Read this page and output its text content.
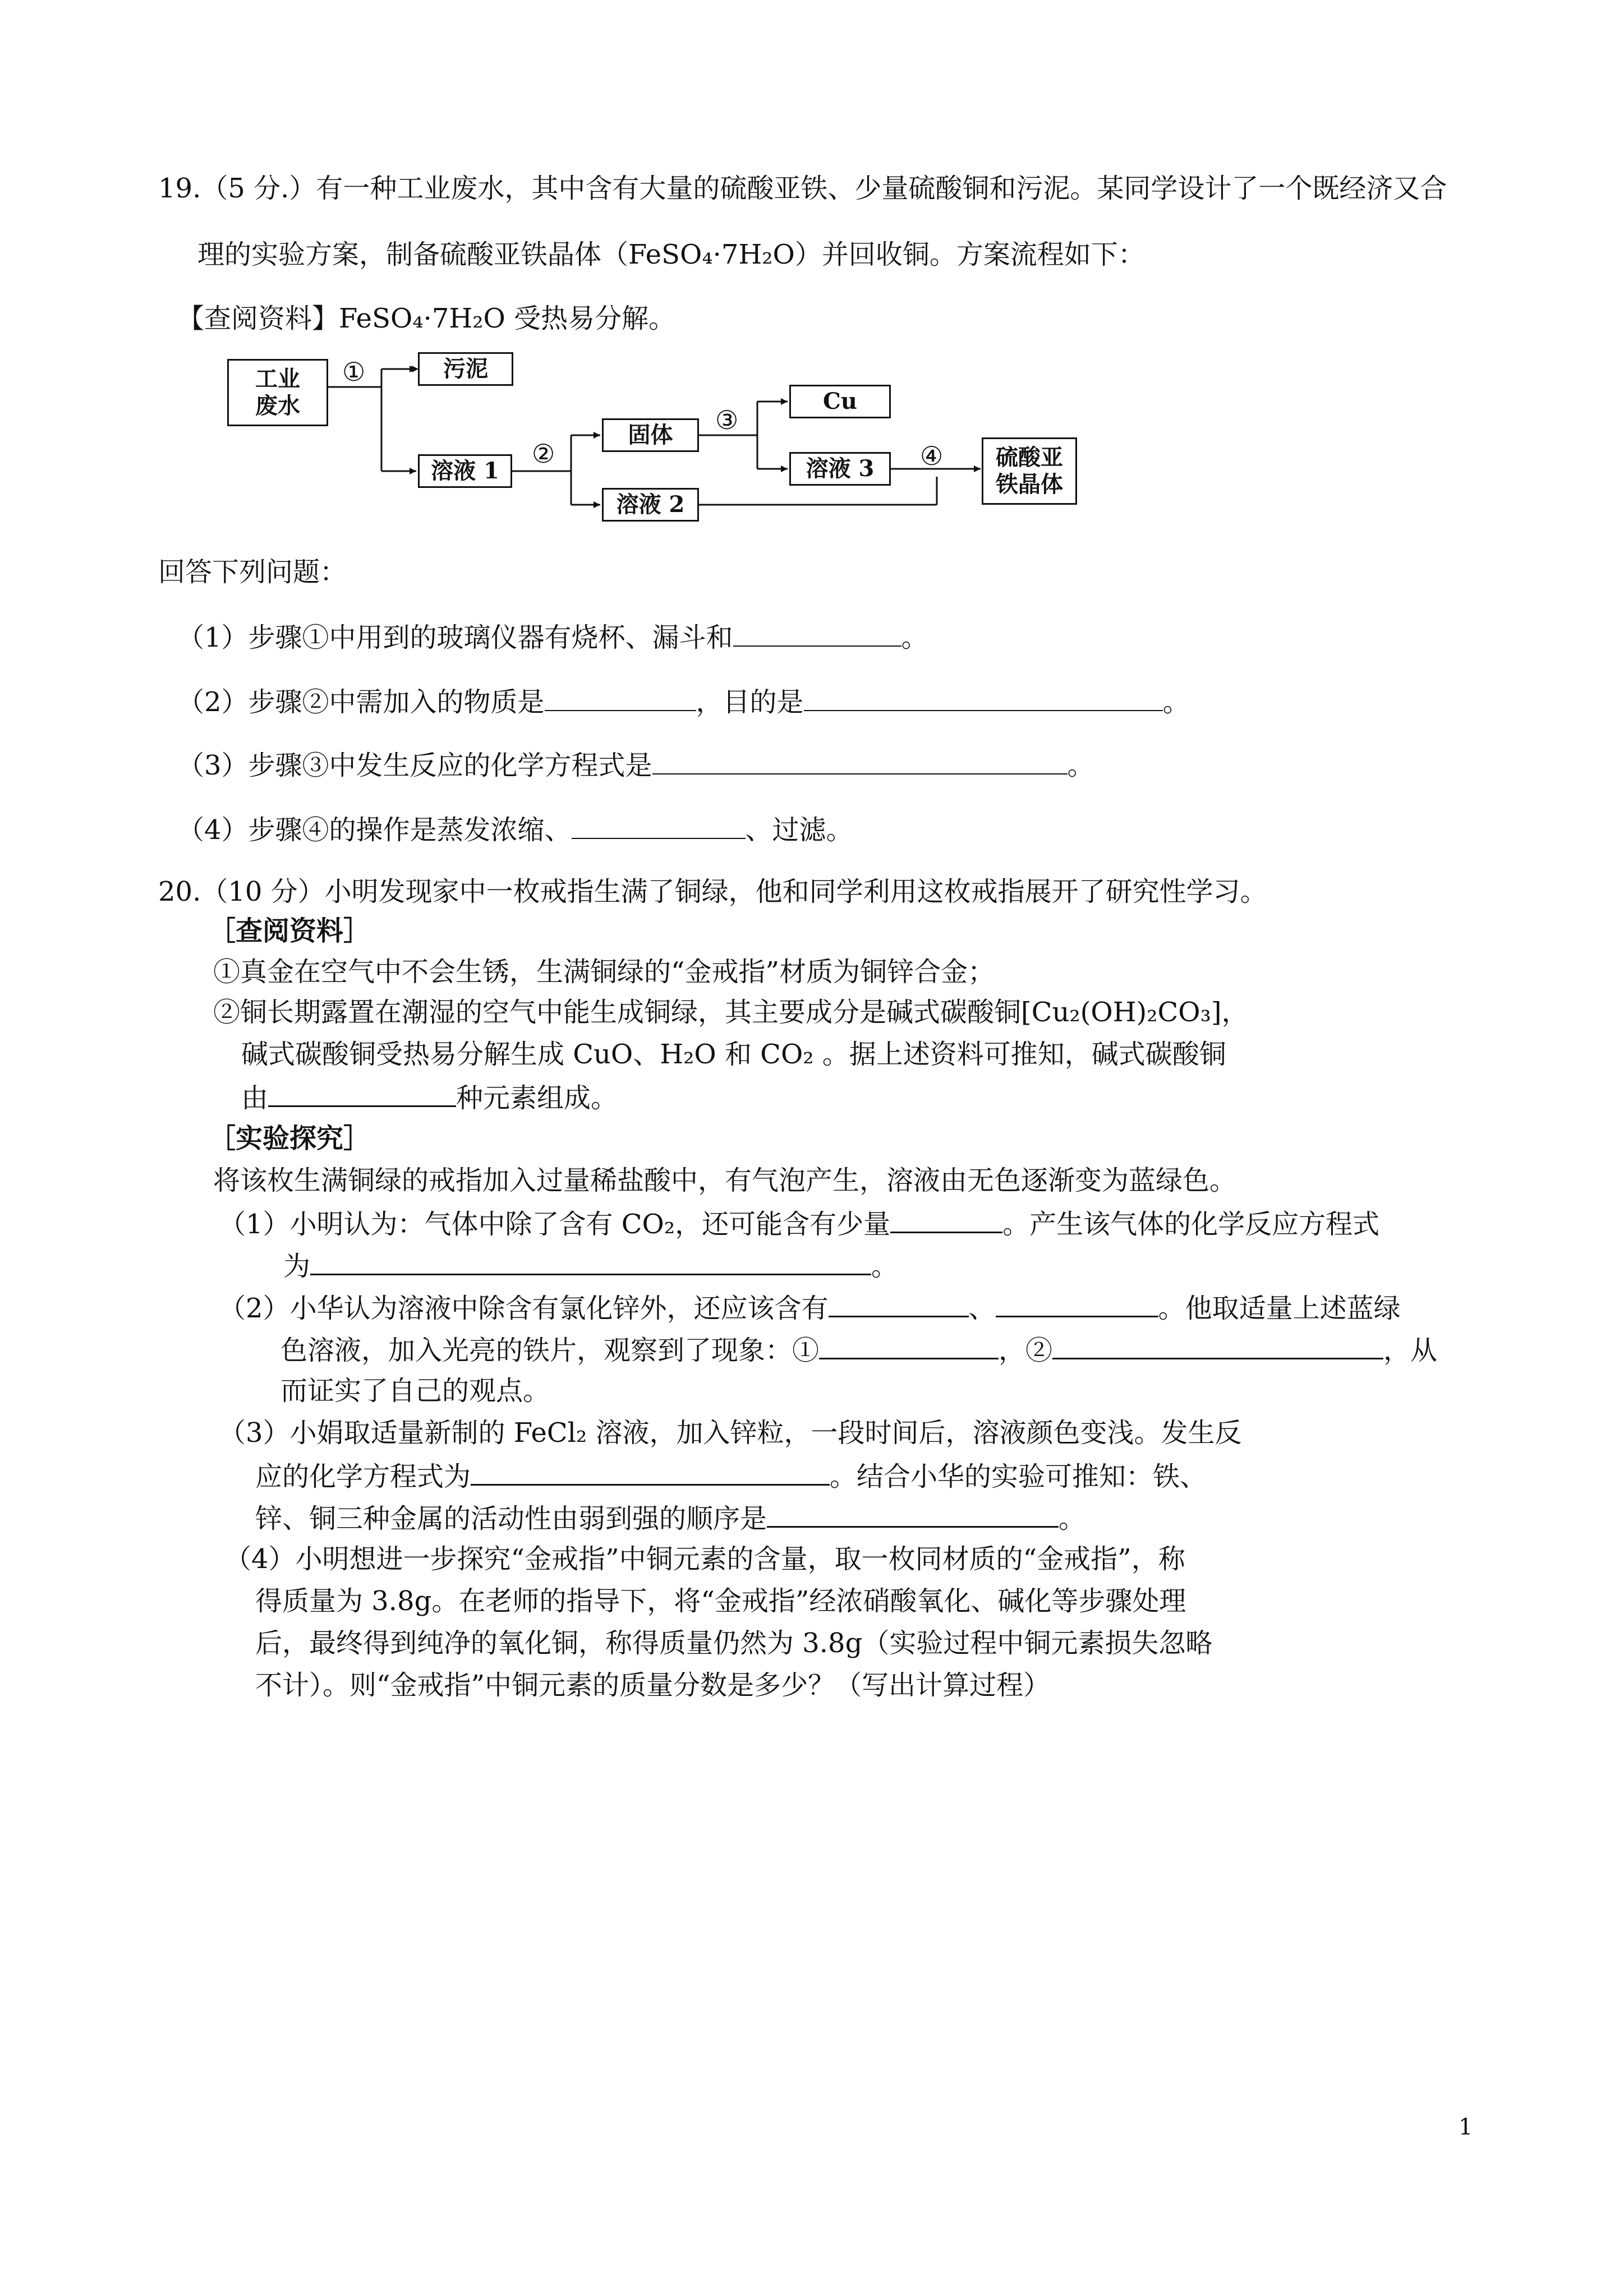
19.（5 分.）有一种工业废水，其中含有大量的硫酸亚铁、少量硫酸铜和污泥。某同学设计了一个既经济又合
理的实验方案，制备硫酸亚铁晶体（FeSO₄·7H₂O）并回收铜。方案流程如下：
【查阅资料】FeSO₄·7H₂O 受热易分解。
工业废水
①	污泥
溶液 1
②
固体
溶液 2
③
Cu
溶液 3 ④ 硫酸亚铁晶体
回答下列问题：
（1）步骤①中用到的玻璃仪器有烧杯、漏斗和	。
（2）步骤②中需加入的物质是	，目的是	。
（3）步骤③中发生反应的化学方程式是	。
（4）步骤④的操作是蒸发浓缩、	、过滤。
20.（10 分）小明发现家中一枚戒指生满了铜绿，他和同学利用这枚戒指展开了研究性学习。
［查阅资料］
①真金在空气中不会生锈，生满铜绿的“金戒指”材质为铜锌合金；
②铜长期露置在潮湿的空气中能生成铜绿，其主要成分是碱式碳酸铜[Cu₂(OH)₂CO₃]，
碱式碳酸铜受热易分解生成 CuO、H₂O 和 CO₂ 。据上述资料可推知，碱式碳酸铜
由	种元素组成。
［实验探究］
将该枚生满铜绿的戒指加入过量稀盐酸中，有气泡产生，溶液由无色逐渐变为蓝绿色。
（1）小明认为：气体中除了含有 CO₂，还可能含有少量	。产生该气体的化学反应方程式
为	。
（2）小华认为溶液中除含有氯化锌外，还应该含有	、	。他取适量上述蓝绿
色溶液，加入光亮的铁片，观察到了现象：①	，②	，从
而证实了自己的观点。
（3）小娟取适量新制的 FeCl₂ 溶液，加入锌粒，一段时间后，溶液颜色变浅。发生反
应的化学方程式为	。结合小华的实验可推知：铁、
锌、铜三种金属的活动性由弱到强的顺序是	。
（4）小明想进一步探究“金戒指”中铜元素的含量，取一枚同材质的“金戒指”，称
得质量为 3.8g。在老师的指导下，将“金戒指”经浓硝酸氧化、碱化等步骤处理
后，最终得到纯净的氧化铜，称得质量仍然为 3.8g（实验过程中铜元素损失忽略
不计）。则“金戒指”中铜元素的质量分数是多少？（写出计算过程）
1
